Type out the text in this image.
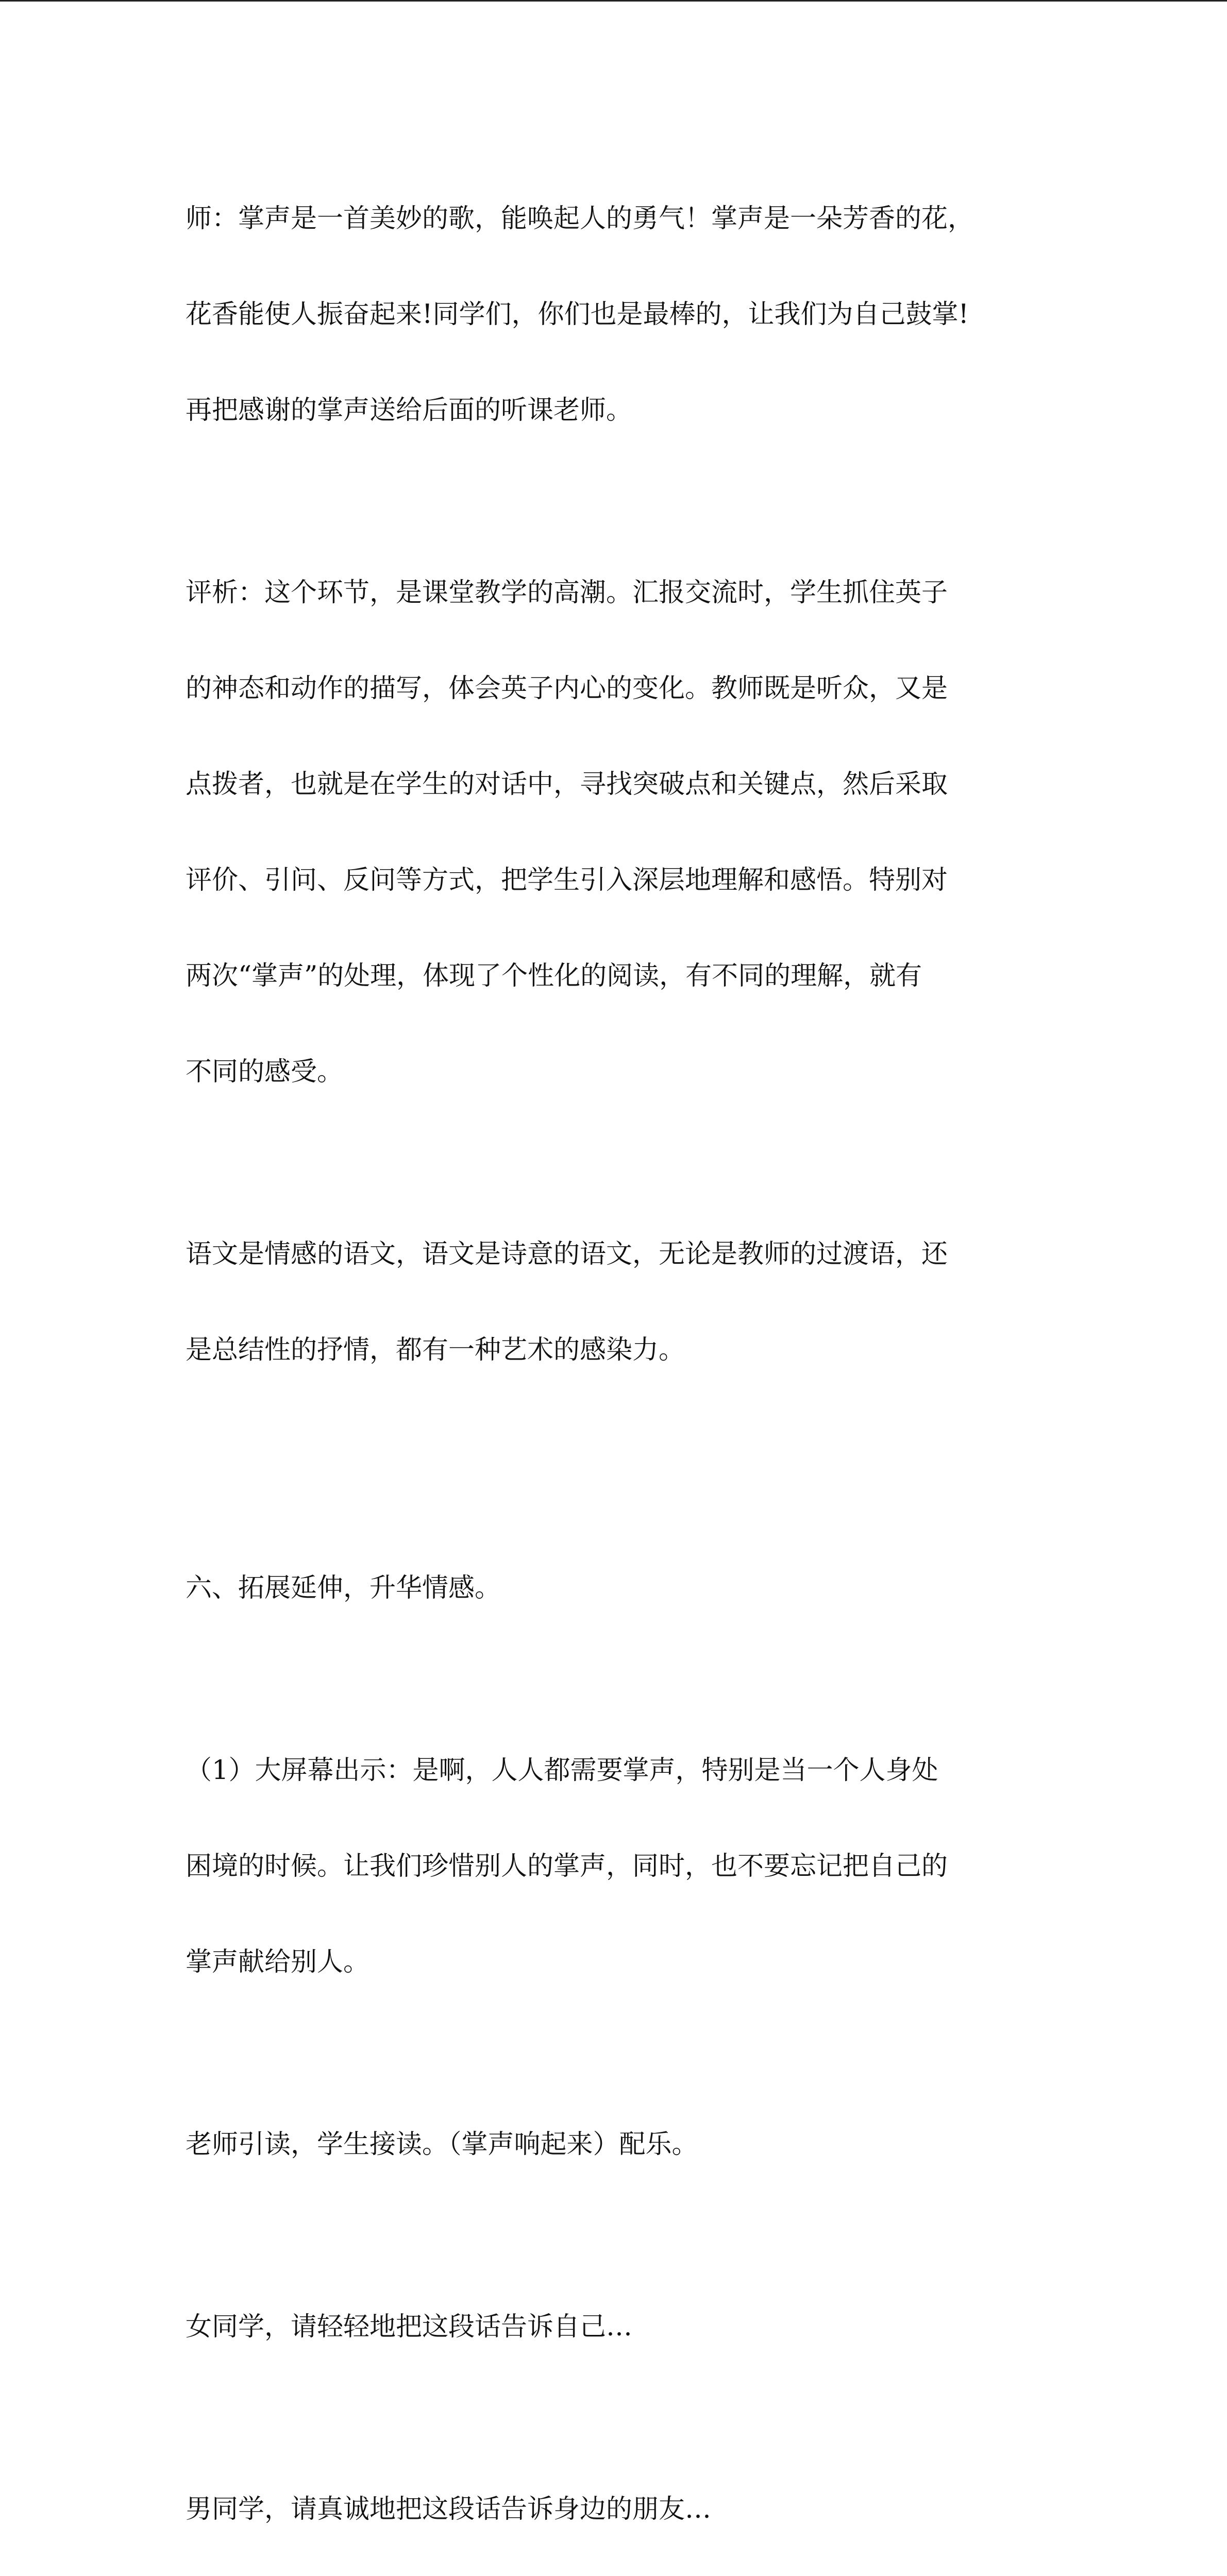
师：掌声是一首美妙的歌，能唤起人的勇气！掌声是一朵芳香的花，

花香能使人振奋起来!同学们，你们也是最棒的，让我们为自己鼓掌!

再把感谢的掌声送给后面的听课老师。

评析：这个环节，是课堂教学的高潮。汇报交流时，学生抓住英子

的神态和动作的描写，体会英子内心的变化。教师既是听众，又是

点拨者，也就是在学生的对话中，寻找突破点和关键点，然后采取

评价、引问、反问等方式，把学生引入深层地理解和感悟。特别对

两次“掌声”的处理，体现了个性化的阅读，有不同的理解，就有

不同的感受。

语文是情感的语文，语文是诗意的语文，无论是教师的过渡语，还

是总结性的抒情，都有一种艺术的感染力。

六、拓展延伸，升华情感。

（1）大屏幕出示：是啊，人人都需要掌声，特别是当一个人身处

困境的时候。让我们珍惜别人的掌声，同时，也不要忘记把自己的

掌声献给别人。

老师引读，学生接读。（掌声响起来）配乐。

女同学，请轻轻地把这段话告诉自己…

男同学，请真诚地把这段话告诉身边的朋友…
